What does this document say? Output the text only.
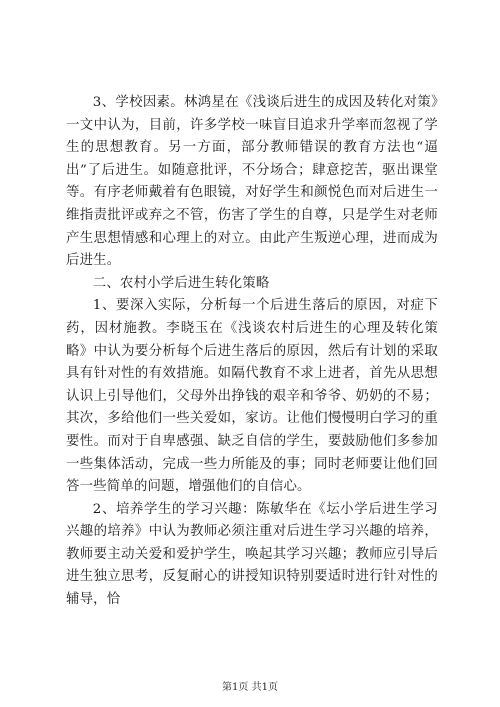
3、学校因素。林鸿星在《浅谈后进生的成因及转化对策》一文中认为，目前，许多学校一味盲目追求升学率而忽视了学生的思想教育。另一方面，部分教师错误的教育方法也“逼出”了后进生。如随意批评，不分场合；肆意挖苦，驱出课堂等。有序老师戴着有色眼镜，对好学生和颜悦色而对后进生一维指责批评或弃之不管，伤害了学生的自尊，只是学生对老师产生思想情感和心理上的对立。由此产生叛逆心理，进而成为后进生。

二、农村小学后进生转化策略

1、要深入实际，分析每一个后进生落后的原因，对症下药，因材施教。李晓玉在《浅谈农村后进生的心理及转化策略》中认为要分析每个后进生落后的原因，然后有计划的采取具有针对性的有效措施。如隔代教育不求上进者，首先从思想认识上引导他们，父母外出挣钱的艰辛和爷爷、奶奶的不易；其次，多给他们一些关爱如，家访。让他们慢慢明白学习的重要性。而对于自卑感强、缺乏自信的学生，要鼓励他们多参加一些集体活动，完成一些力所能及的事；同时老师要让他们回答一些简单的问题，增强他们的自信心。

2、培养学生的学习兴趣：陈敏华在《坛小学后进生学习兴趣的培养》中认为教师必须注重对后进生学习兴趣的培养，教师要主动关爱和爱护学生，唤起其学习兴趣；教师应引导后进生独立思考，反复耐心的讲授知识特别要适时进行针对性的辅导，恰

第1页 共1页
